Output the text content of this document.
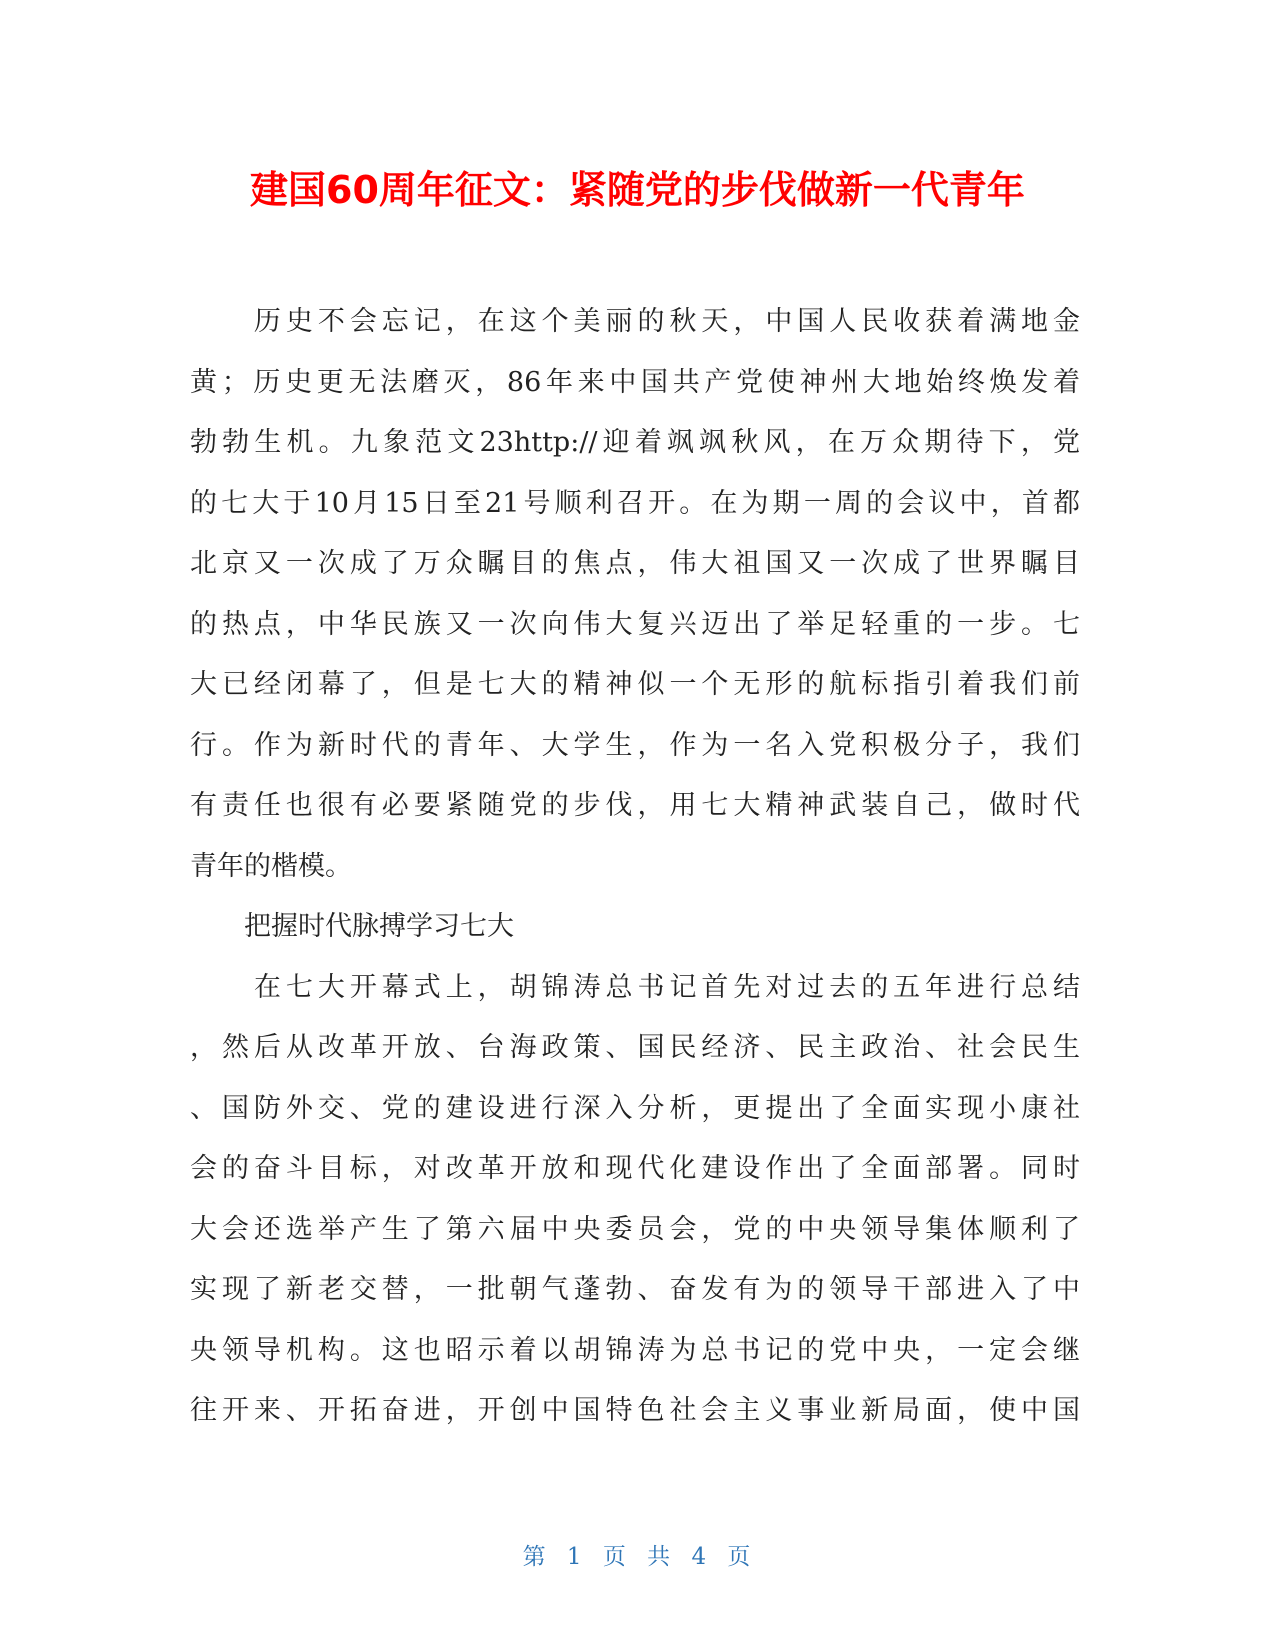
建国60周年征文：紧随党的步伐做新一代青年
　　历史不会忘记，在这个美丽的秋天，中国人民收获着满地金
黄；历史更无法磨灭，86年来中国共产党使神州大地始终焕发着
勃勃生机。九象范文23http://迎着飒飒秋风，在万众期待下，党
的七大于10月15日至21号顺利召开。在为期一周的会议中，首都
北京又一次成了万众瞩目的焦点，伟大祖国又一次成了世界瞩目
的热点，中华民族又一次向伟大复兴迈出了举足轻重的一步。七
大已经闭幕了，但是七大的精神似一个无形的航标指引着我们前
行。作为新时代的青年、大学生，作为一名入党积极分子，我们
有责任也很有必要紧随党的步伐，用七大精神武装自己，做时代
青年的楷模。
　　把握时代脉搏学习七大
　　在七大开幕式上，胡锦涛总书记首先对过去的五年进行总结
，然后从改革开放、台海政策、国民经济、民主政治、社会民生
、国防外交、党的建设进行深入分析，更提出了全面实现小康社
会的奋斗目标，对改革开放和现代化建设作出了全面部署。同时
大会还选举产生了第六届中央委员会，党的中央领导集体顺利了
实现了新老交替，一批朝气蓬勃、奋发有为的领导干部进入了中
央领导机构。这也昭示着以胡锦涛为总书记的党中央，一定会继
往开来、开拓奋进，开创中国特色社会主义事业新局面，使中国
第 1 页 共 4 页
